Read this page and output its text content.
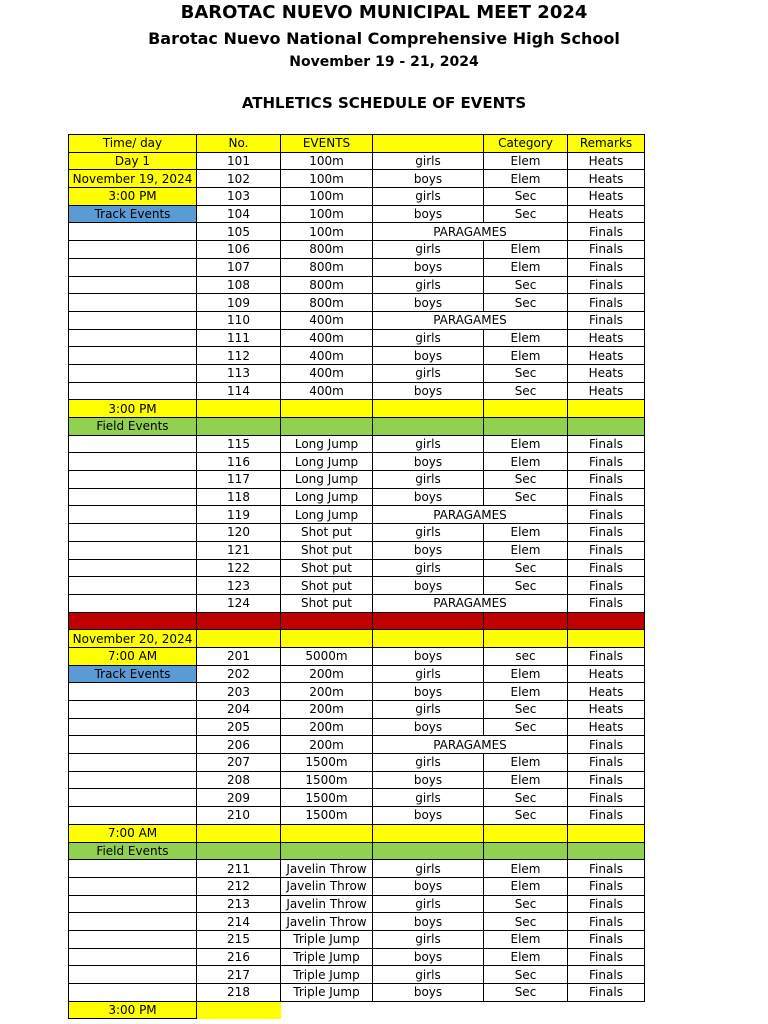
BAROTAC NUEVO MUNICIPAL MEET 2024
Barotac Nuevo National Comprehensive High School
November 19 - 21, 2024
ATHLETICS SCHEDULE OF EVENTS
Time/ day	No.	EVENTS		Category	Remarks
Day 1	101	100m	girls	Elem	Heats
November 19, 2024	102	100m	boys	Elem	Heats
3:00 PM	103	100m	girls	Sec	Heats
Track Events	104	100m	boys	Sec	Heats
	105	100m	PARAGAMES		Finals
	106	800m	girls	Elem	Finals
	107	800m	boys	Elem	Finals
	108	800m	girls	Sec	Finals
	109	800m	boys	Sec	Finals
	110	400m	PARAGAMES		Finals
	111	400m	girls	Elem	Heats
	112	400m	boys	Elem	Heats
	113	400m	girls	Sec	Heats
	114	400m	boys	Sec	Heats
3:00 PM					
Field Events					
	115	Long Jump	girls	Elem	Finals
	116	Long Jump	boys	Elem	Finals
	117	Long Jump	girls	Sec	Finals
	118	Long Jump	boys	Sec	Finals
	119	Long Jump	PARAGAMES		Finals
	120	Shot put	girls	Elem	Finals
	121	Shot put	boys	Elem	Finals
	122	Shot put	girls	Sec	Finals
	123	Shot put	boys	Sec	Finals
	124	Shot put	PARAGAMES		Finals

November 20, 2024					
7:00 AM	201	5000m	boys	sec	Finals
Track Events	202	200m	girls	Elem	Heats
	203	200m	boys	Elem	Heats
	204	200m	girls	Sec	Heats
	205	200m	boys	Sec	Heats
	206	200m	PARAGAMES		Finals
	207	1500m	girls	Elem	Finals
	208	1500m	boys	Elem	Finals
	209	1500m	girls	Sec	Finals
	210	1500m	boys	Sec	Finals
7:00 AM					
Field Events					
	211	Javelin Throw	girls	Elem	Finals
	212	Javelin Throw	boys	Elem	Finals
	213	Javelin Throw	girls	Sec	Finals
	214	Javelin Throw	boys	Sec	Finals
	215	Triple Jump	girls	Elem	Finals
	216	Triple Jump	boys	Elem	Finals
	217	Triple Jump	girls	Sec	Finals
	218	Triple Jump	boys	Sec	Finals
3:00 PM					
